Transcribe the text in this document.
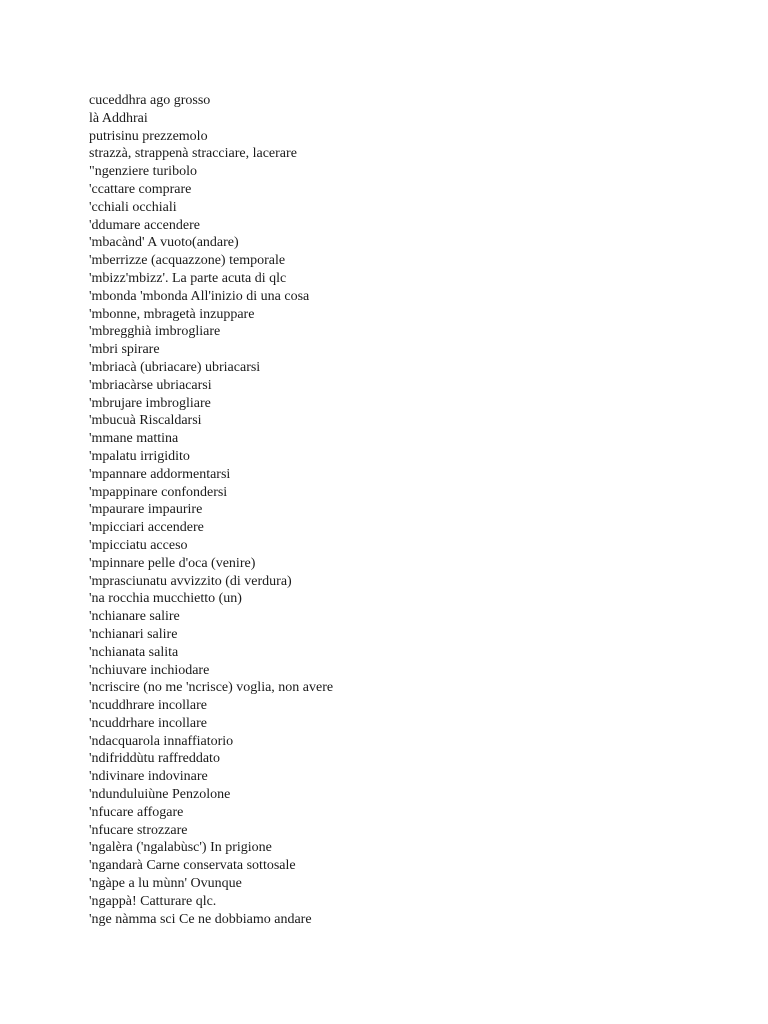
cuceddhra ago grosso
là Addhrai
putrisinu prezzemolo
strazzà, strappenà stracciare, lacerare
"ngenziere turibolo
'ccattare comprare
'cchiali occhiali
'ddumare accendere
'mbacànd' A vuoto(andare)
'mberrizze (acquazzone) temporale
'mbizz'mbizz'. La parte acuta di qlc
'mbonda 'mbonda All'inizio di una cosa
'mbonne, mbragetà inzuppare
'mbregghià imbrogliare
'mbri spirare
'mbriacà (ubriacare) ubriacarsi
'mbriacàrse ubriacarsi
'mbrujare imbrogliare
'mbucuà Riscaldarsi
'mmane mattina
'mpalatu irrigidito
'mpannare addormentarsi
'mpappinare confondersi
'mpaurare impaurire
'mpicciari accendere
'mpicciatu acceso
'mpinnare pelle d'oca (venire)
'mprasciunatu avvizzito (di verdura)
'na rocchia mucchietto (un)
'nchianare salire
'nchianari salire
'nchianata salita
'nchiuvare inchiodare
'ncriscire (no me 'ncrisce) voglia, non avere
'ncuddhrare incollare
'ncuddrhare incollare
'ndacquarola innaffiatorio
'ndifriddùtu raffreddato
'ndivinare indovinare
'ndunduluiùne Penzolone
'nfucare affogare
'nfucare strozzare
'ngalèra ('ngalabùsc') In prigione
'ngandarà Carne conservata sottosale
'ngàpe a lu mùnn' Ovunque
'ngappà! Catturare qlc.
'nge nàmma sci Ce ne dobbiamo andare
